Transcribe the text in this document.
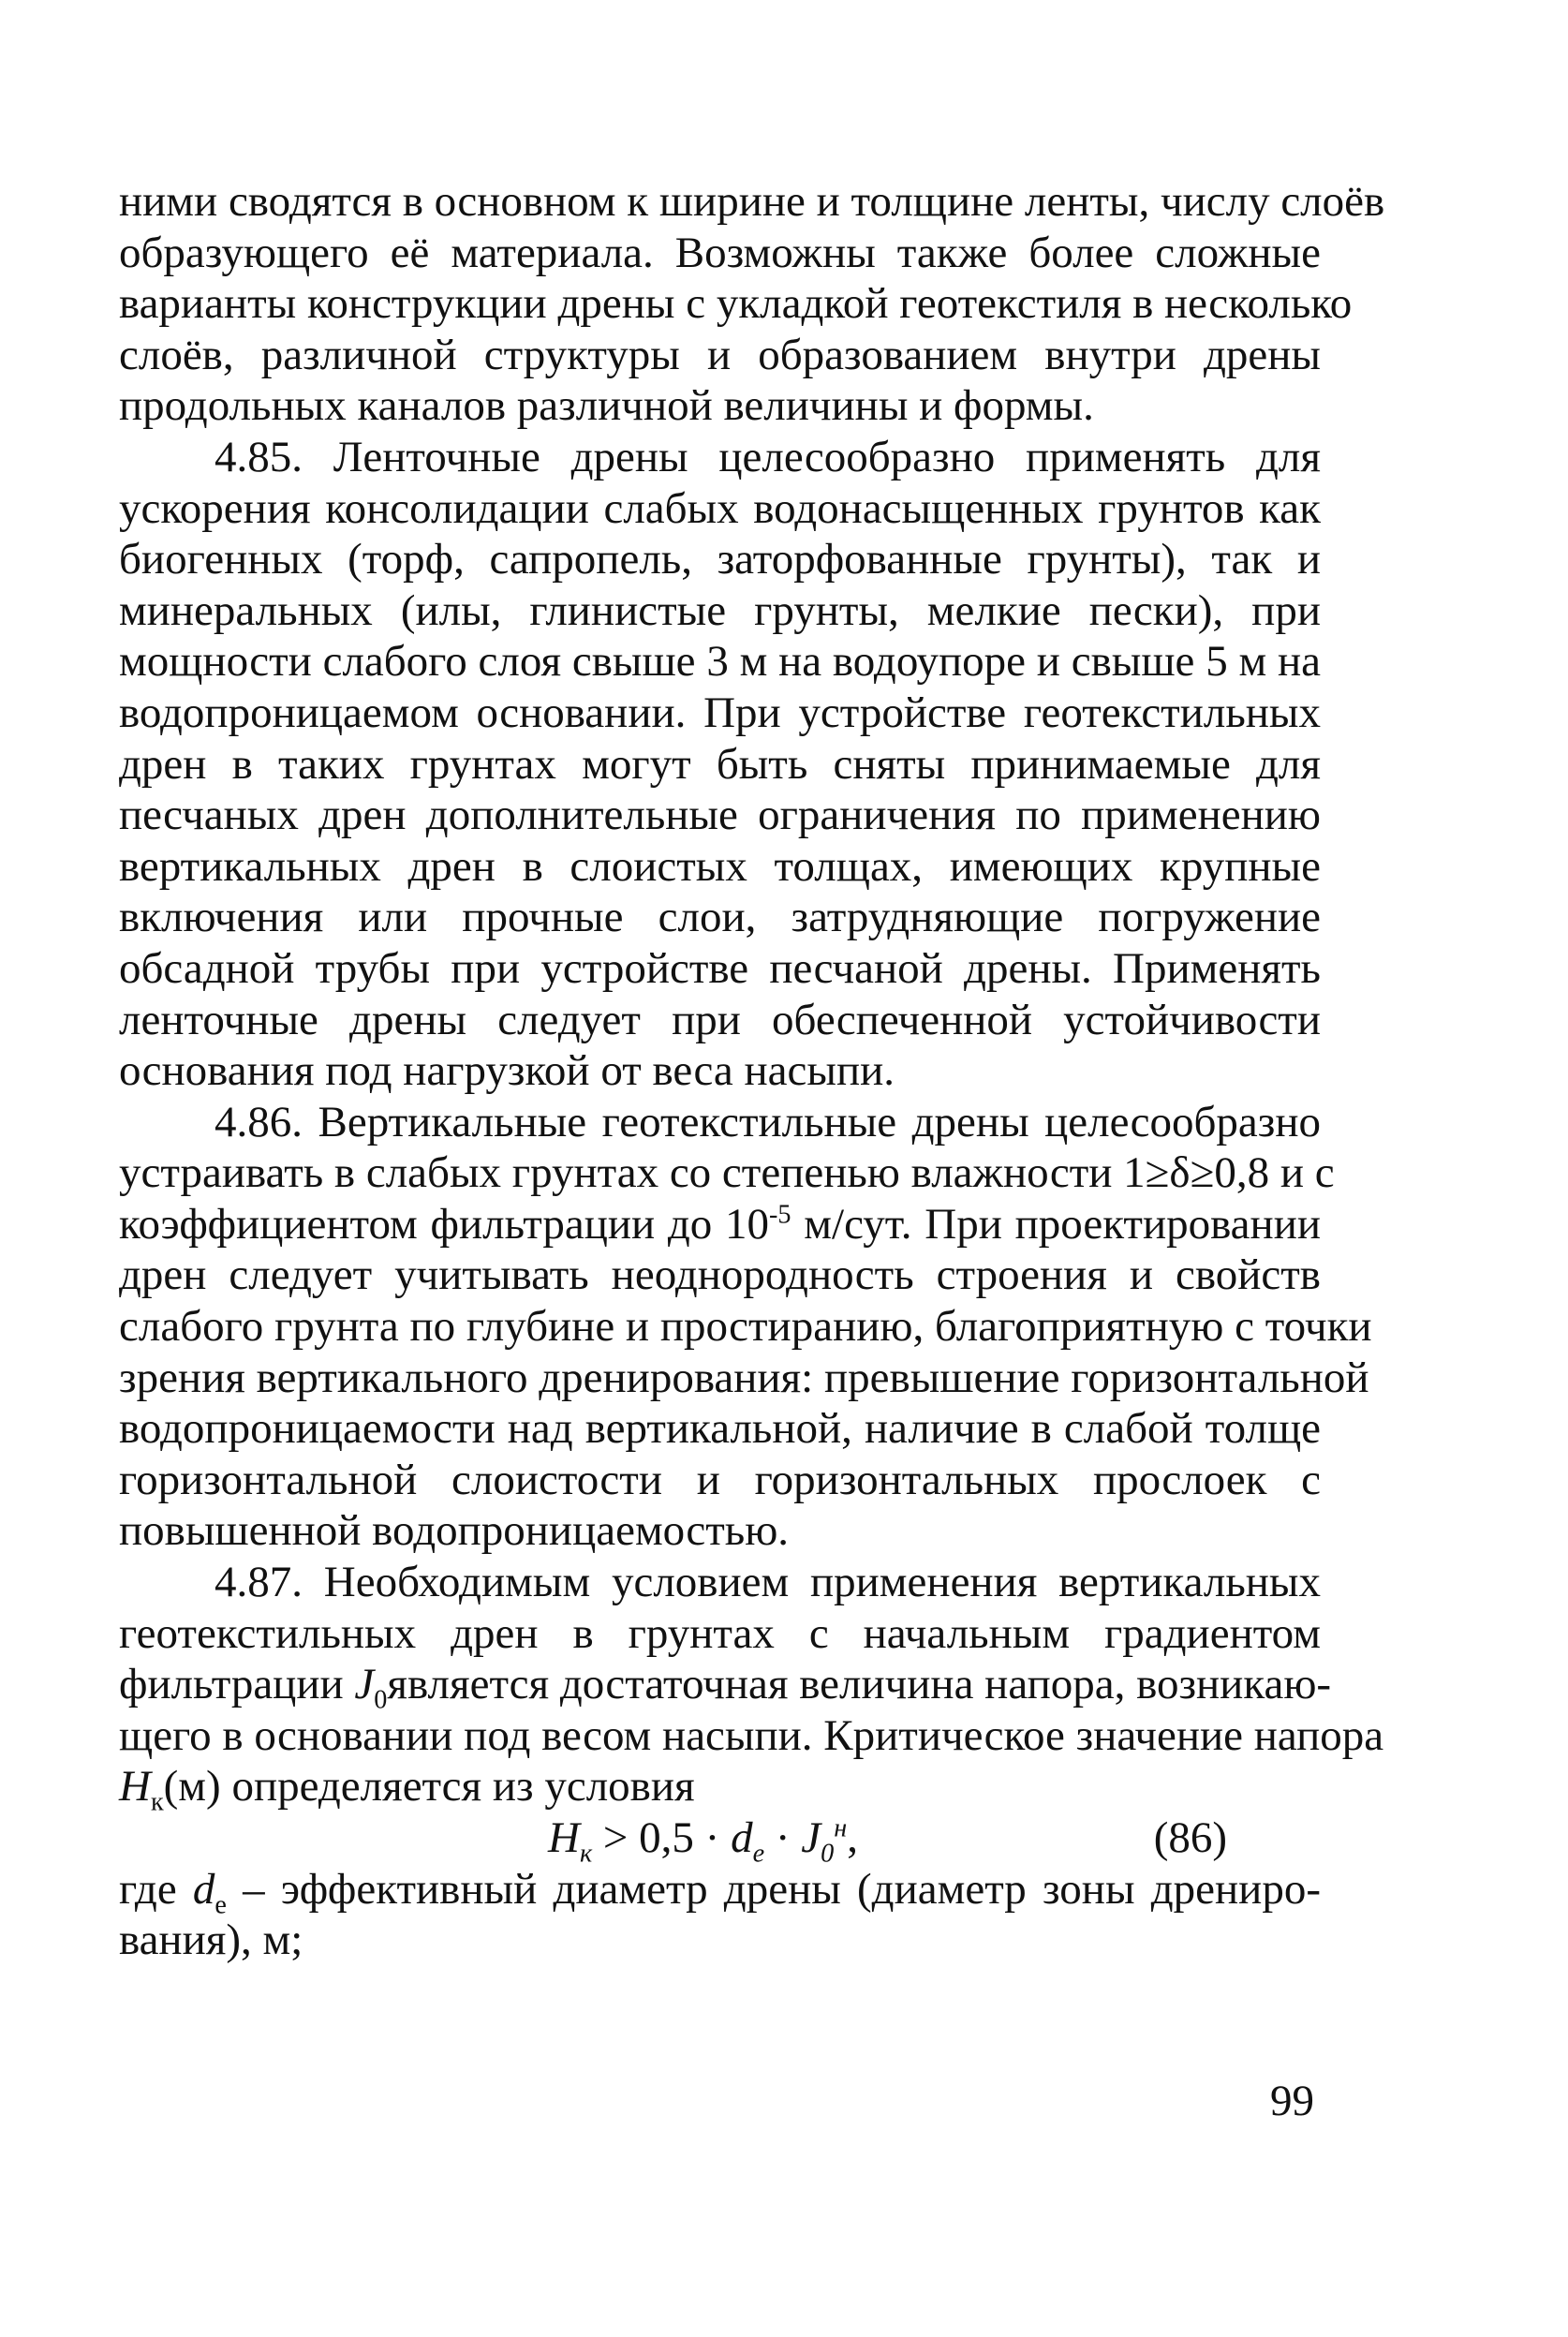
ними сводятся в основном к ширине и толщине ленты, числу слоёв
образующего её материала. Возможны также более сложные
варианты конструкции дрены с укладкой геотекстиля в несколько
слоёв, различной структуры и образованием внутри дрены
продольных каналов различной величины и формы.
4.85. Ленточные дрены целесообразно применять для
ускорения консолидации слабых водонасыщенных грунтов как
биогенных (торф, сапропель, заторфованные грунты), так и
минеральных (илы, глинистые грунты, мелкие пески), при
мощности слабого слоя свыше 3 м на водоупоре и свыше 5 м на
водопроницаемом основании. При устройстве геотекстильных
дрен в таких грунтах могут быть сняты принимаемые для
песчаных дрен дополнительные ограничения по применению
вертикальных дрен в слоистых толщах, имеющих крупные
включения или прочные слои, затрудняющие погружение
обсадной трубы при устройстве песчаной дрены. Применять
ленточные дрены следует при обеспеченной устойчивости
основания под нагрузкой от веса насыпи.
4.86. Вертикальные геотекстильные дрены целесообразно
устраивать в слабых грунтах со степенью влажности 1≥δ≥0,8 и с
коэффициентом фильтрации до $10^{-5}$ м/сут. При проектировании
дрен следует учитывать неоднородность строения и свойств
слабого грунта по глубине и простиранию, благоприятную с точки
зрения вертикального дренирования: превышение горизонтальной
водопроницаемости над вертикальной, наличие в слабой толще
горизонтальной слоистости и горизонтальных прослоек с
повышенной водопроницаемостью.
4.87. Необходимым условием применения вертикальных
геотекстильных дрен в грунтах с начальным градиентом
фильтрации $J_0является$ достаточная величина напора, возникаю-
щего в основании под весом насыпи. Критическое значение напора
$H_к(м)$ определяется из условия
$H_к > 0,5 \cdot d_e \cdot J_0^н$,	(86)
где $d_e$ – эффективный диаметр дрены (диаметр зоны дрениро-
вания), м;
99
